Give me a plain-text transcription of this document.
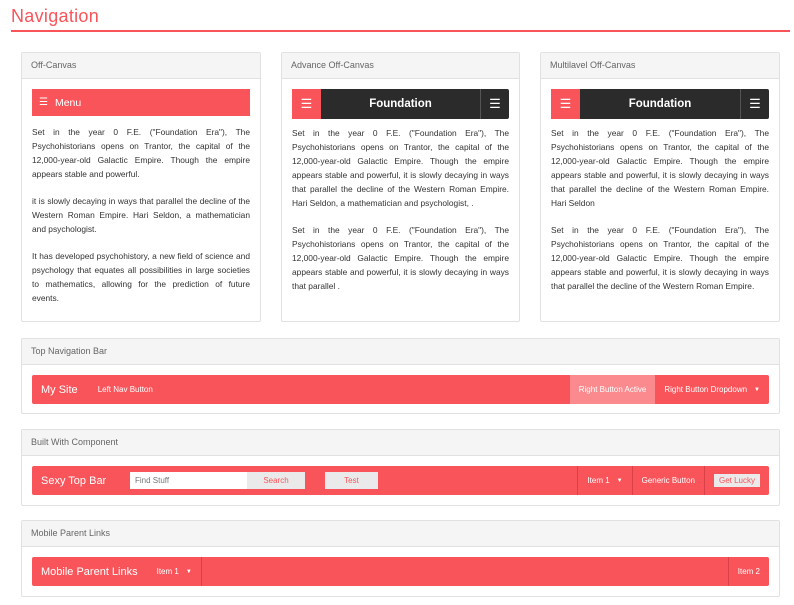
Navigation
Off-Canvas
☰ Menu

Set in the year 0 F.E. ("Foundation Era"), The Psychohistorians opens on Trantor, the capital of the 12,000-year-old Galactic Empire. Though the empire appears stable and powerful.

it is slowly decaying in ways that parallel the decline of the Western Roman Empire. Hari Seldon, a mathematician and psychologist.

It has developed psychohistory, a new field of science and psychology that equates all possibilities in large societies to mathematics, allowing for the prediction of future events.

Advance Off-Canvas
☰	Foundation	☰

Set in the year 0 F.E. ("Foundation Era"), The Psychohistorians opens on Trantor, the capital of the 12,000-year-old Galactic Empire. Though the empire appears stable and powerful, it is slowly decaying in ways that parallel the decline of the Western Roman Empire. Hari Seldon, a mathematician and psychologist, .

Set in the year 0 F.E. ("Foundation Era"), The Psychohistorians opens on Trantor, the capital of the 12,000-year-old Galactic Empire. Though the empire appears stable and powerful, it is slowly decaying in ways that parallel .

Multilavel Off-Canvas
☰	Foundation	☰

Set in the year 0 F.E. ("Foundation Era"), The Psychohistorians opens on Trantor, the capital of the 12,000-year-old Galactic Empire. Though the empire appears stable and powerful, it is slowly decaying in ways that parallel the decline of the Western Roman Empire. Hari Seldon

Set in the year 0 F.E. ("Foundation Era"), The Psychohistorians opens on Trantor, the capital of the 12,000-year-old Galactic Empire. Though the empire appears stable and powerful, it is slowly decaying in ways that parallel the decline of the Western Roman Empire.

Top Navigation Bar
My Site	Left Nav Button	Right Button Active	Right Button Dropdown ▼
Built With Component
Sexy Top Bar
Find Stuff	Search	Test	Item 1 ▼	Generic Button	Get Lucky
Mobile Parent Links
Mobile Parent Links Item 1 ▼	Item 2
